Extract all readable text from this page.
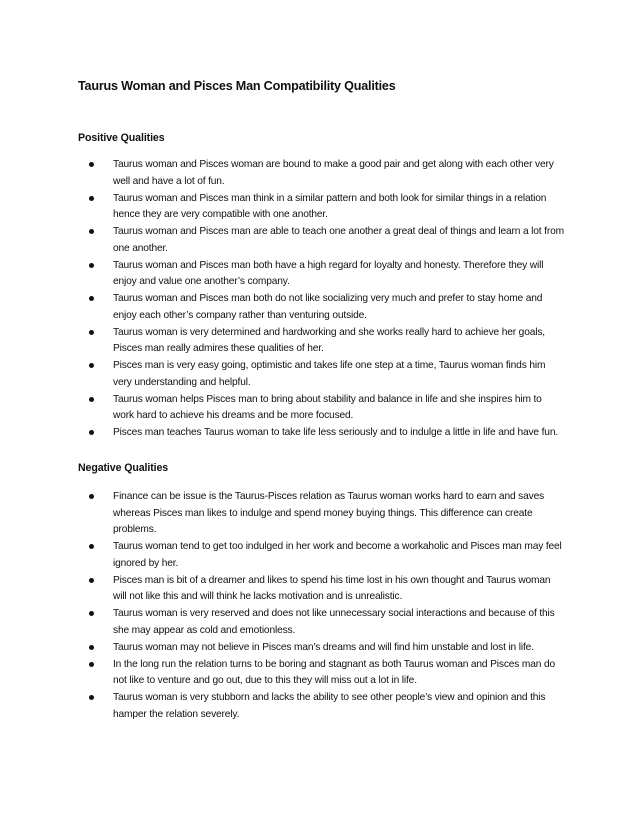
Taurus Woman and Pisces Man Compatibility Qualities
Positive Qualities
Taurus woman and Pisces woman are bound to make a good pair and get along with each other very well and have a lot of fun.
Taurus woman and Pisces man think in a similar pattern and both look for similar things in a relation hence they are very compatible with one another.
Taurus woman and Pisces man are able to teach one another a great deal of things and learn a lot from one another.
Taurus woman and Pisces man both have a high regard for loyalty and honesty. Therefore they will enjoy and value one another’s company.
Taurus woman and Pisces man both do not like socializing very much and prefer to stay home and enjoy each other’s company rather than venturing outside.
Taurus woman is very determined and hardworking and she works really hard to achieve her goals, Pisces man really admires these qualities of her.
Pisces man is very easy going, optimistic and takes life one step at a time, Taurus woman finds him very understanding and helpful.
Taurus woman helps Pisces man to bring about stability and balance in life and she inspires him to work hard to achieve his dreams and be more focused.
Pisces man teaches Taurus woman to take life less seriously and to indulge a little in life and have fun.
Negative Qualities
Finance can be issue is the Taurus-Pisces relation as Taurus woman works hard to earn and saves whereas Pisces man likes to indulge and spend money buying things. This difference can create problems.
Taurus woman tend to get too indulged in her work and become a workaholic and Pisces man may feel ignored by her.
Pisces man is bit of a dreamer and likes to spend his time lost in his own thought and Taurus woman will not like this and will think he lacks motivation and is unrealistic.
Taurus woman is very reserved and does not like unnecessary social interactions and because of this she may appear as cold and emotionless.
Taurus woman may not believe in Pisces man’s dreams and will find him unstable and lost in life.
In the long run the relation turns to be boring and stagnant as both Taurus woman and Pisces man do not like to venture and go out, due to this they will miss out a lot in life.
Taurus woman is very stubborn and lacks the ability to see other people’s view and opinion and this hamper the relation severely.
